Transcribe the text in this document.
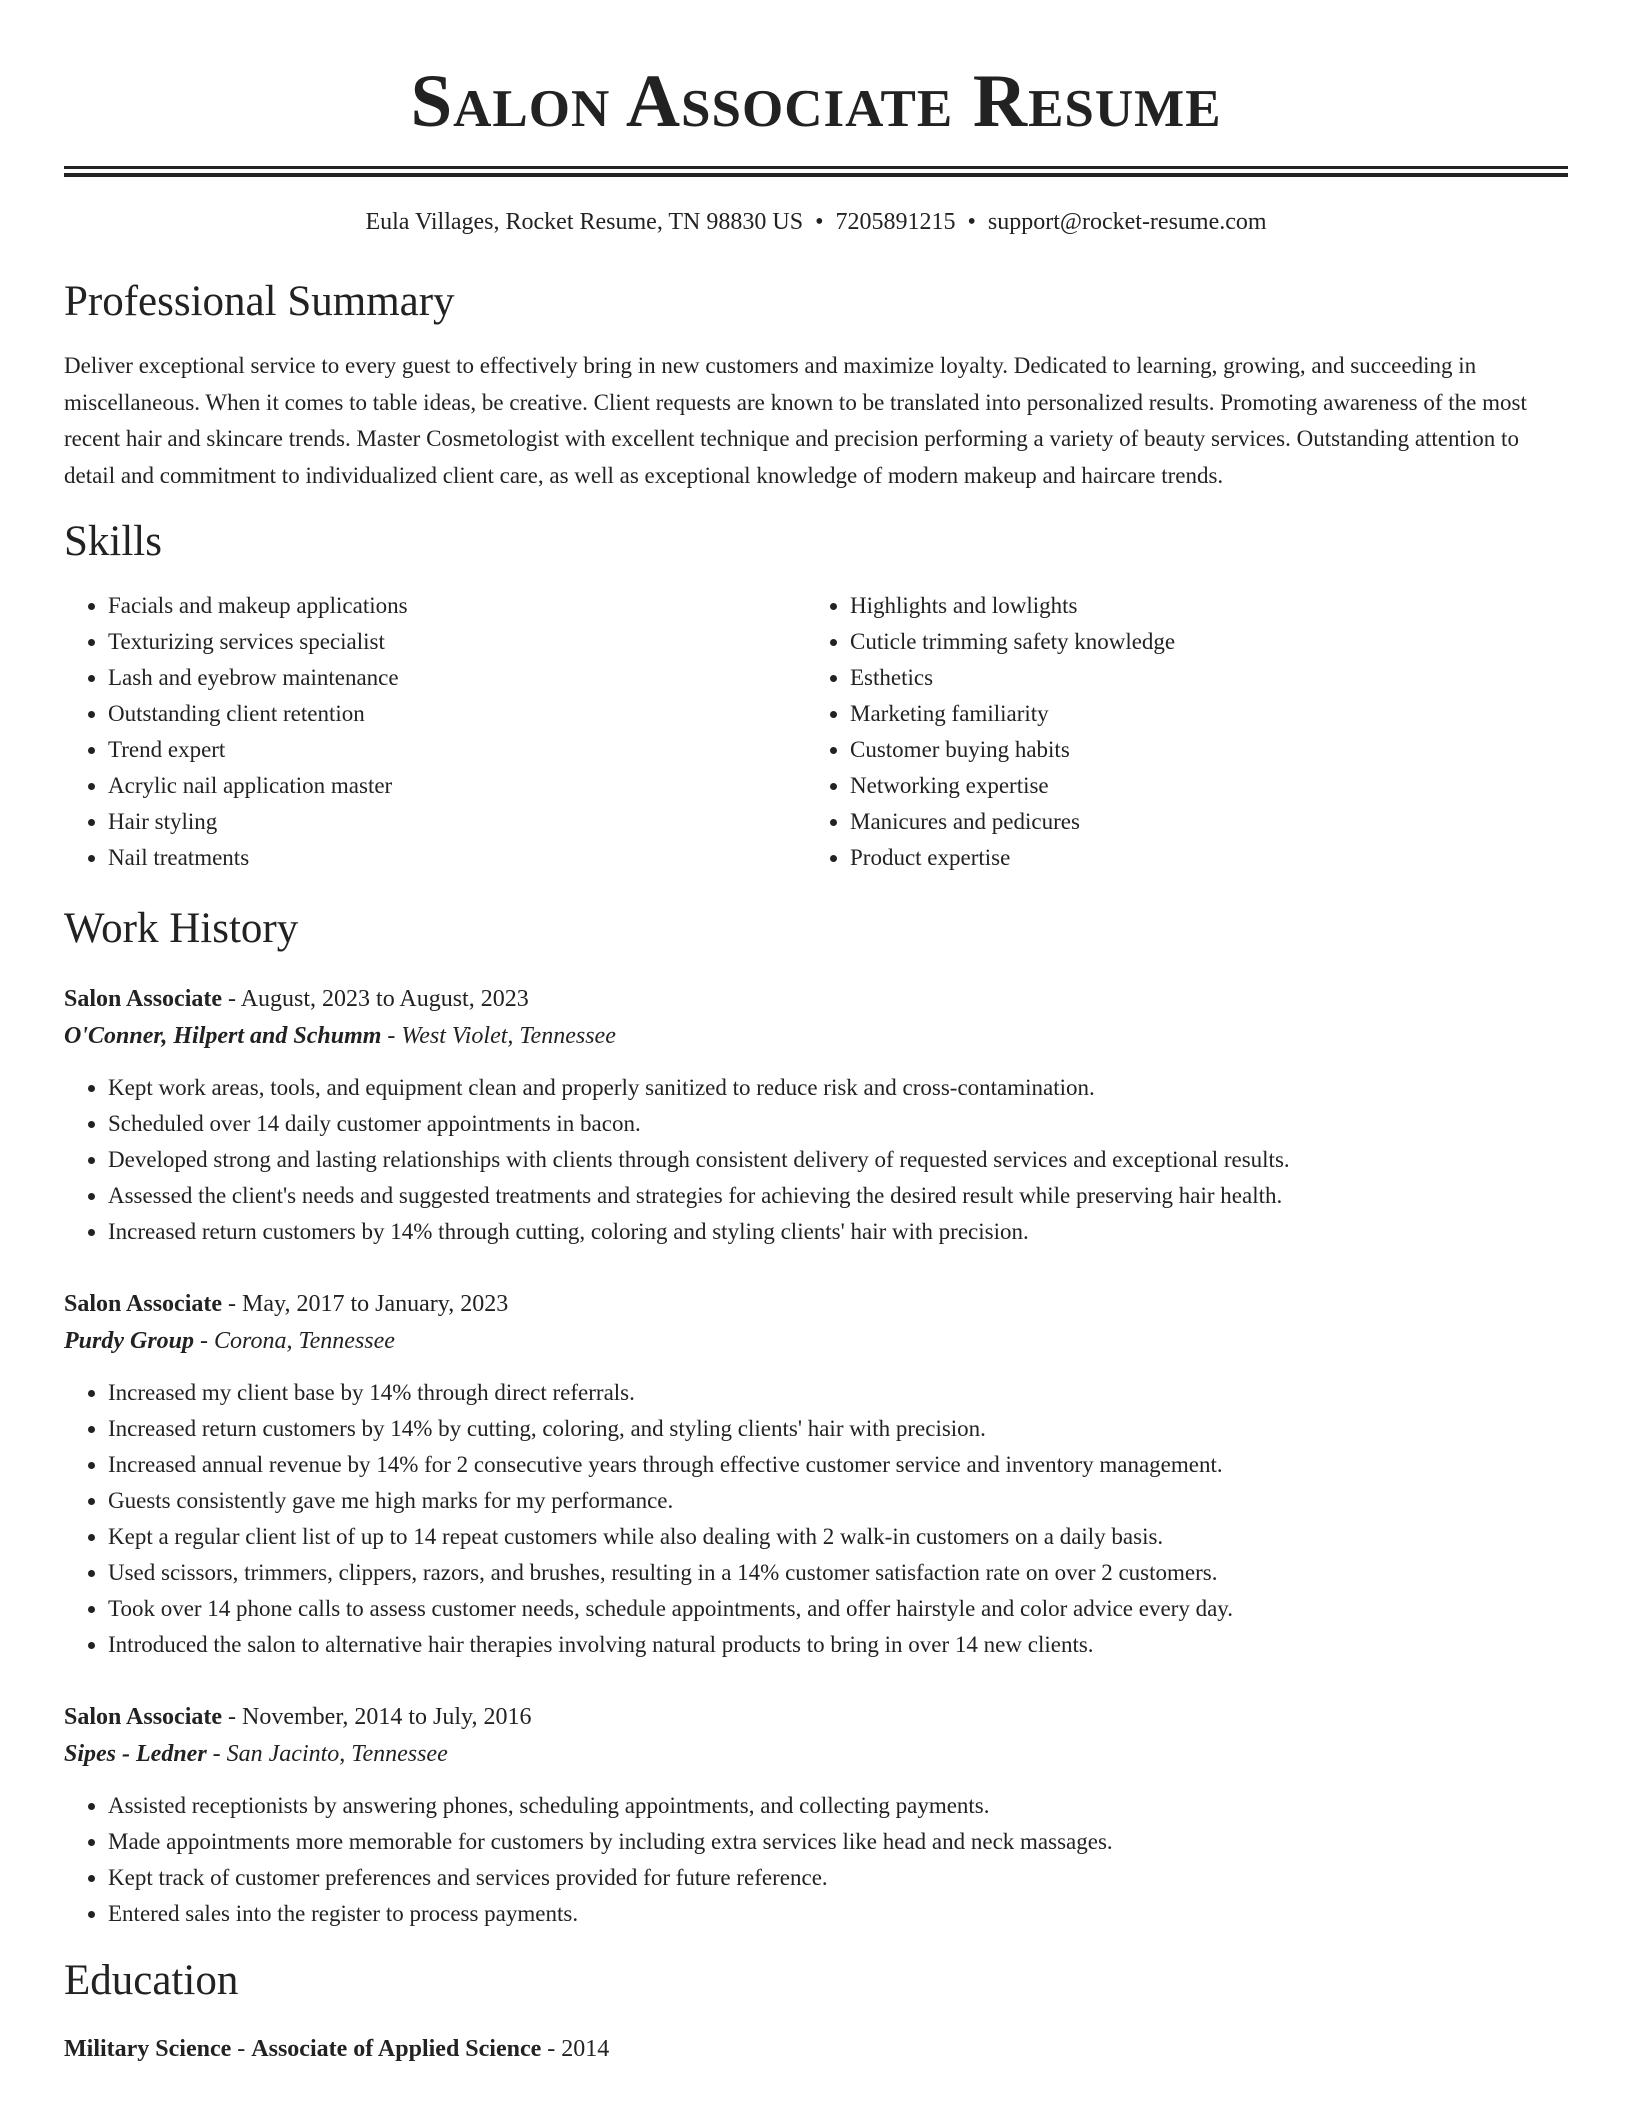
Salon Associate Resume
Eula Villages, Rocket Resume, TN 98830 US • 7205891215 • support@rocket-resume.com
Professional Summary

Deliver exceptional service to every guest to effectively bring in new customers and maximize loyalty. Dedicated to learning, growing, and succeeding in miscellaneous. When it comes to table ideas, be creative. Client requests are known to be translated into personalized results. Promoting awareness of the most recent hair and skincare trends. Master Cosmetologist with excellent technique and precision performing a variety of beauty services. Outstanding attention to detail and commitment to individualized client care, as well as exceptional knowledge of modern makeup and haircare trends.

Skills
• Facials and makeup applications
• Texturizing services specialist
• Lash and eyebrow maintenance
• Outstanding client retention
• Trend expert
• Acrylic nail application master
• Hair styling
• Nail treatments
• Highlights and lowlights
• Cuticle trimming safety knowledge
• Esthetics
• Marketing familiarity
• Customer buying habits
• Networking expertise
• Manicures and pedicures
• Product expertise
Work History
Salon Associate - August, 2023 to August, 2023
O'Conner, Hilpert and Schumm - West Violet, Tennessee
• Kept work areas, tools, and equipment clean and properly sanitized to reduce risk and cross-contamination.
• Scheduled over 14 daily customer appointments in bacon.
• Developed strong and lasting relationships with clients through consistent delivery of requested services and exceptional results.
• Assessed the client's needs and suggested treatments and strategies for achieving the desired result while preserving hair health.
• Increased return customers by 14% through cutting, coloring and styling clients' hair with precision.
Salon Associate - May, 2017 to January, 2023
Purdy Group - Corona, Tennessee
• Increased my client base by 14% through direct referrals.
• Increased return customers by 14% by cutting, coloring, and styling clients' hair with precision.
• Increased annual revenue by 14% for 2 consecutive years through effective customer service and inventory management.
• Guests consistently gave me high marks for my performance.
• Kept a regular client list of up to 14 repeat customers while also dealing with 2 walk-in customers on a daily basis.
• Used scissors, trimmers, clippers, razors, and brushes, resulting in a 14% customer satisfaction rate on over 2 customers.
• Took over 14 phone calls to assess customer needs, schedule appointments, and offer hairstyle and color advice every day.
• Introduced the salon to alternative hair therapies involving natural products to bring in over 14 new clients.
Salon Associate - November, 2014 to July, 2016
Sipes - Ledner - San Jacinto, Tennessee
• Assisted receptionists by answering phones, scheduling appointments, and collecting payments.
• Made appointments more memorable for customers by including extra services like head and neck massages.
• Kept track of customer preferences and services provided for future reference.
• Entered sales into the register to process payments.
Education
Military Science - Associate of Applied Science - 2014
